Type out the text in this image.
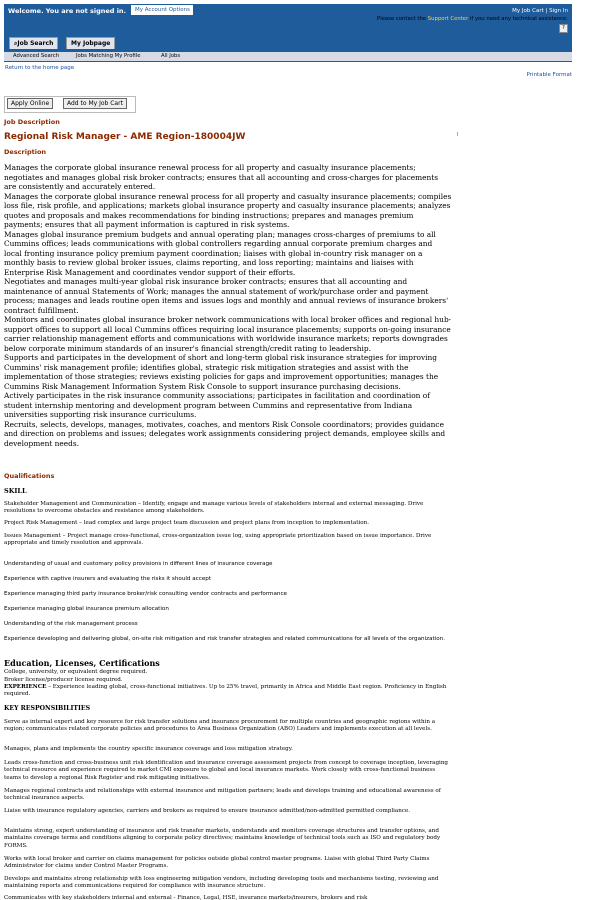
Welcome. You are not signed in.	My Account Options	My Job Cart | Sign In
Please contact the Support Center if you need any technical assistance.
?
⌕Job Search	My Jobpage
Advanced Search	Jobs Matching My Profile	All Jobs
Return to the home page
Printable Format
Apply Online	Add to My Job Cart
Job Description
Regional Risk Manager - AME Region-180004JW
Description

Manages the corporate global insurance renewal process for all property and casualty insurance placements; negotiates and manages global risk broker contracts; ensures that all accounting and cross-charges for placements are consistently and accurately entered.

Manages the corporate global insurance renewal process for all property and casualty insurance placements; compiles loss file, risk profile, and applications; markets global insurance property and casualty insurance placements; analyzes quotes and proposals and makes recommendations for binding instructions; prepares and manages premium payments; ensures that all payment information is captured in risk systems.

Manages global insurance premium budgets and annual operating plan; manages cross-charges of premiums to all Cummins offices; leads communications with global controllers regarding annual corporate premium charges and local fronting insurance policy premium payment coordination; liaises with global in-country risk manager on a monthly basis to review global broker issues, claims reporting, and loss reporting; maintains and liaises with Enterprise Risk Management and coordinates vendor support of their efforts.

Negotiates and manages multi-year global risk insurance broker contracts; ensures that all accounting and maintenance of annual Statements of Work; manages the annual statement of work/purchase order and payment process; manages and leads routine open items and issues logs and monthly and annual reviews of insurance brokers' contract fulfillment.

Monitors and coordinates global insurance broker network communications with local broker offices and regional hub-support offices to support all local Cummins offices requiring local insurance placements; supports on-going insurance carrier relationship management efforts and communications with worldwide insurance markets; reports downgrades below corporate minimum standards of an insurer's financial strength/credit rating to leadership.

Supports and participates in the development of short and long-term global risk insurance strategies for improving Cummins' risk management profile; identifies global, strategic risk mitigation strategies and assist with the implementation of those strategies; reviews existing policies for gaps and improvement opportunities; manages the Cummins Risk Management Information System Risk Console to support insurance purchasing decisions.

Actively participates in the risk insurance community associations; participates in facilitation and coordination of student internship mentoring and development program between Cummins and representative from Indiana universities supporting risk insurance curriculums.

Recruits, selects, develops, manages, motivates, coaches, and mentors Risk Console coordinators; provides guidance and direction on problems and issues; delegates work assignments considering project demands, employee skills and development needs.

Qualifications
SKILL
Stakeholder Management and Communication – Identify, engage and manage various levels of stakeholders internal and external messaging. Drive resolutions to overcome obstacles and resistance among stakeholders.
Project Risk Management – lead complex and large project team discussion and project plans from inception to implementation.
Issues Management – Project manage cross-functional, cross-organization issue log, using appropriate prioritization based on issue importance. Drive appropriate and timely resolution and approvals.
Understanding of usual and customary policy provisions in different lines of insurance coverage
Experience with captive insurers and evaluating the risks it should accept
Experience managing third party insurance broker/risk consulting vendor contracts and performance
Experience managing global insurance premium allocation
Understanding of the risk management process
Experience developing and delivering global, on-site risk mitigation and risk transfer strategies and related communications for all levels of the organization.
Education, Licenses, Certifications
College, university, or equivalent degree required.
Broker license/producer license required.
EXPERIENCE – Experience leading global, cross-functional initiatives. Up to 25% travel, primarily in Africa and Middle East region. Proficiency in English required.
KEY RESPONSIBILITIES
Serve as internal expert and key resource for risk transfer solutions and insurance procurement for multiple countries and geographic regions within a region; communicates related corporate policies and procedures to Area Business Organization (ABO) Leaders and implements execution at all levels.
Manages, plans and implements the country specific insurance coverage and loss mitigation strategy.
Leads cross-function and cross-business unit risk identification and insurance coverage assessment projects from concept to coverage inception, leveraging technical resource and experience required to market CMI exposure to global and local insurance markets. Work closely with cross-functional business teams to develop a regional Risk Register and risk mitigating initiatives.
Manages regional contracts and relationships with external insurance and mitigation partners; leads and develops training and educational awareness of technical insurance aspects.
Liaise with insurance regulatory agencies, carriers and brokers as required to ensure insurance admitted/non-admitted permitted compliance.
Maintains strong, expert understanding of insurance and risk transfer markets, understands and monitors coverage structures and transfer options, and maintains coverage terms and conditions aligning to corporate policy directives; maintains knowledge of technical tools such as ISO and regulatory body FORMS.
Works with local broker and carrier on claims management for policies outside global control master programs. Liaise with global Third Party Claims Administrator for claims under Control Master Programs.
Develops and maintains strong relationship with loss engineering mitigation vendors, including developing tools and mechanisms testing, reviewing and maintaining reports and communications required for compliance with insurance structure.
Communicates with key stakeholders internal and external - Finance, Legal, HSE, insurance markets/insurers, brokers and risk
